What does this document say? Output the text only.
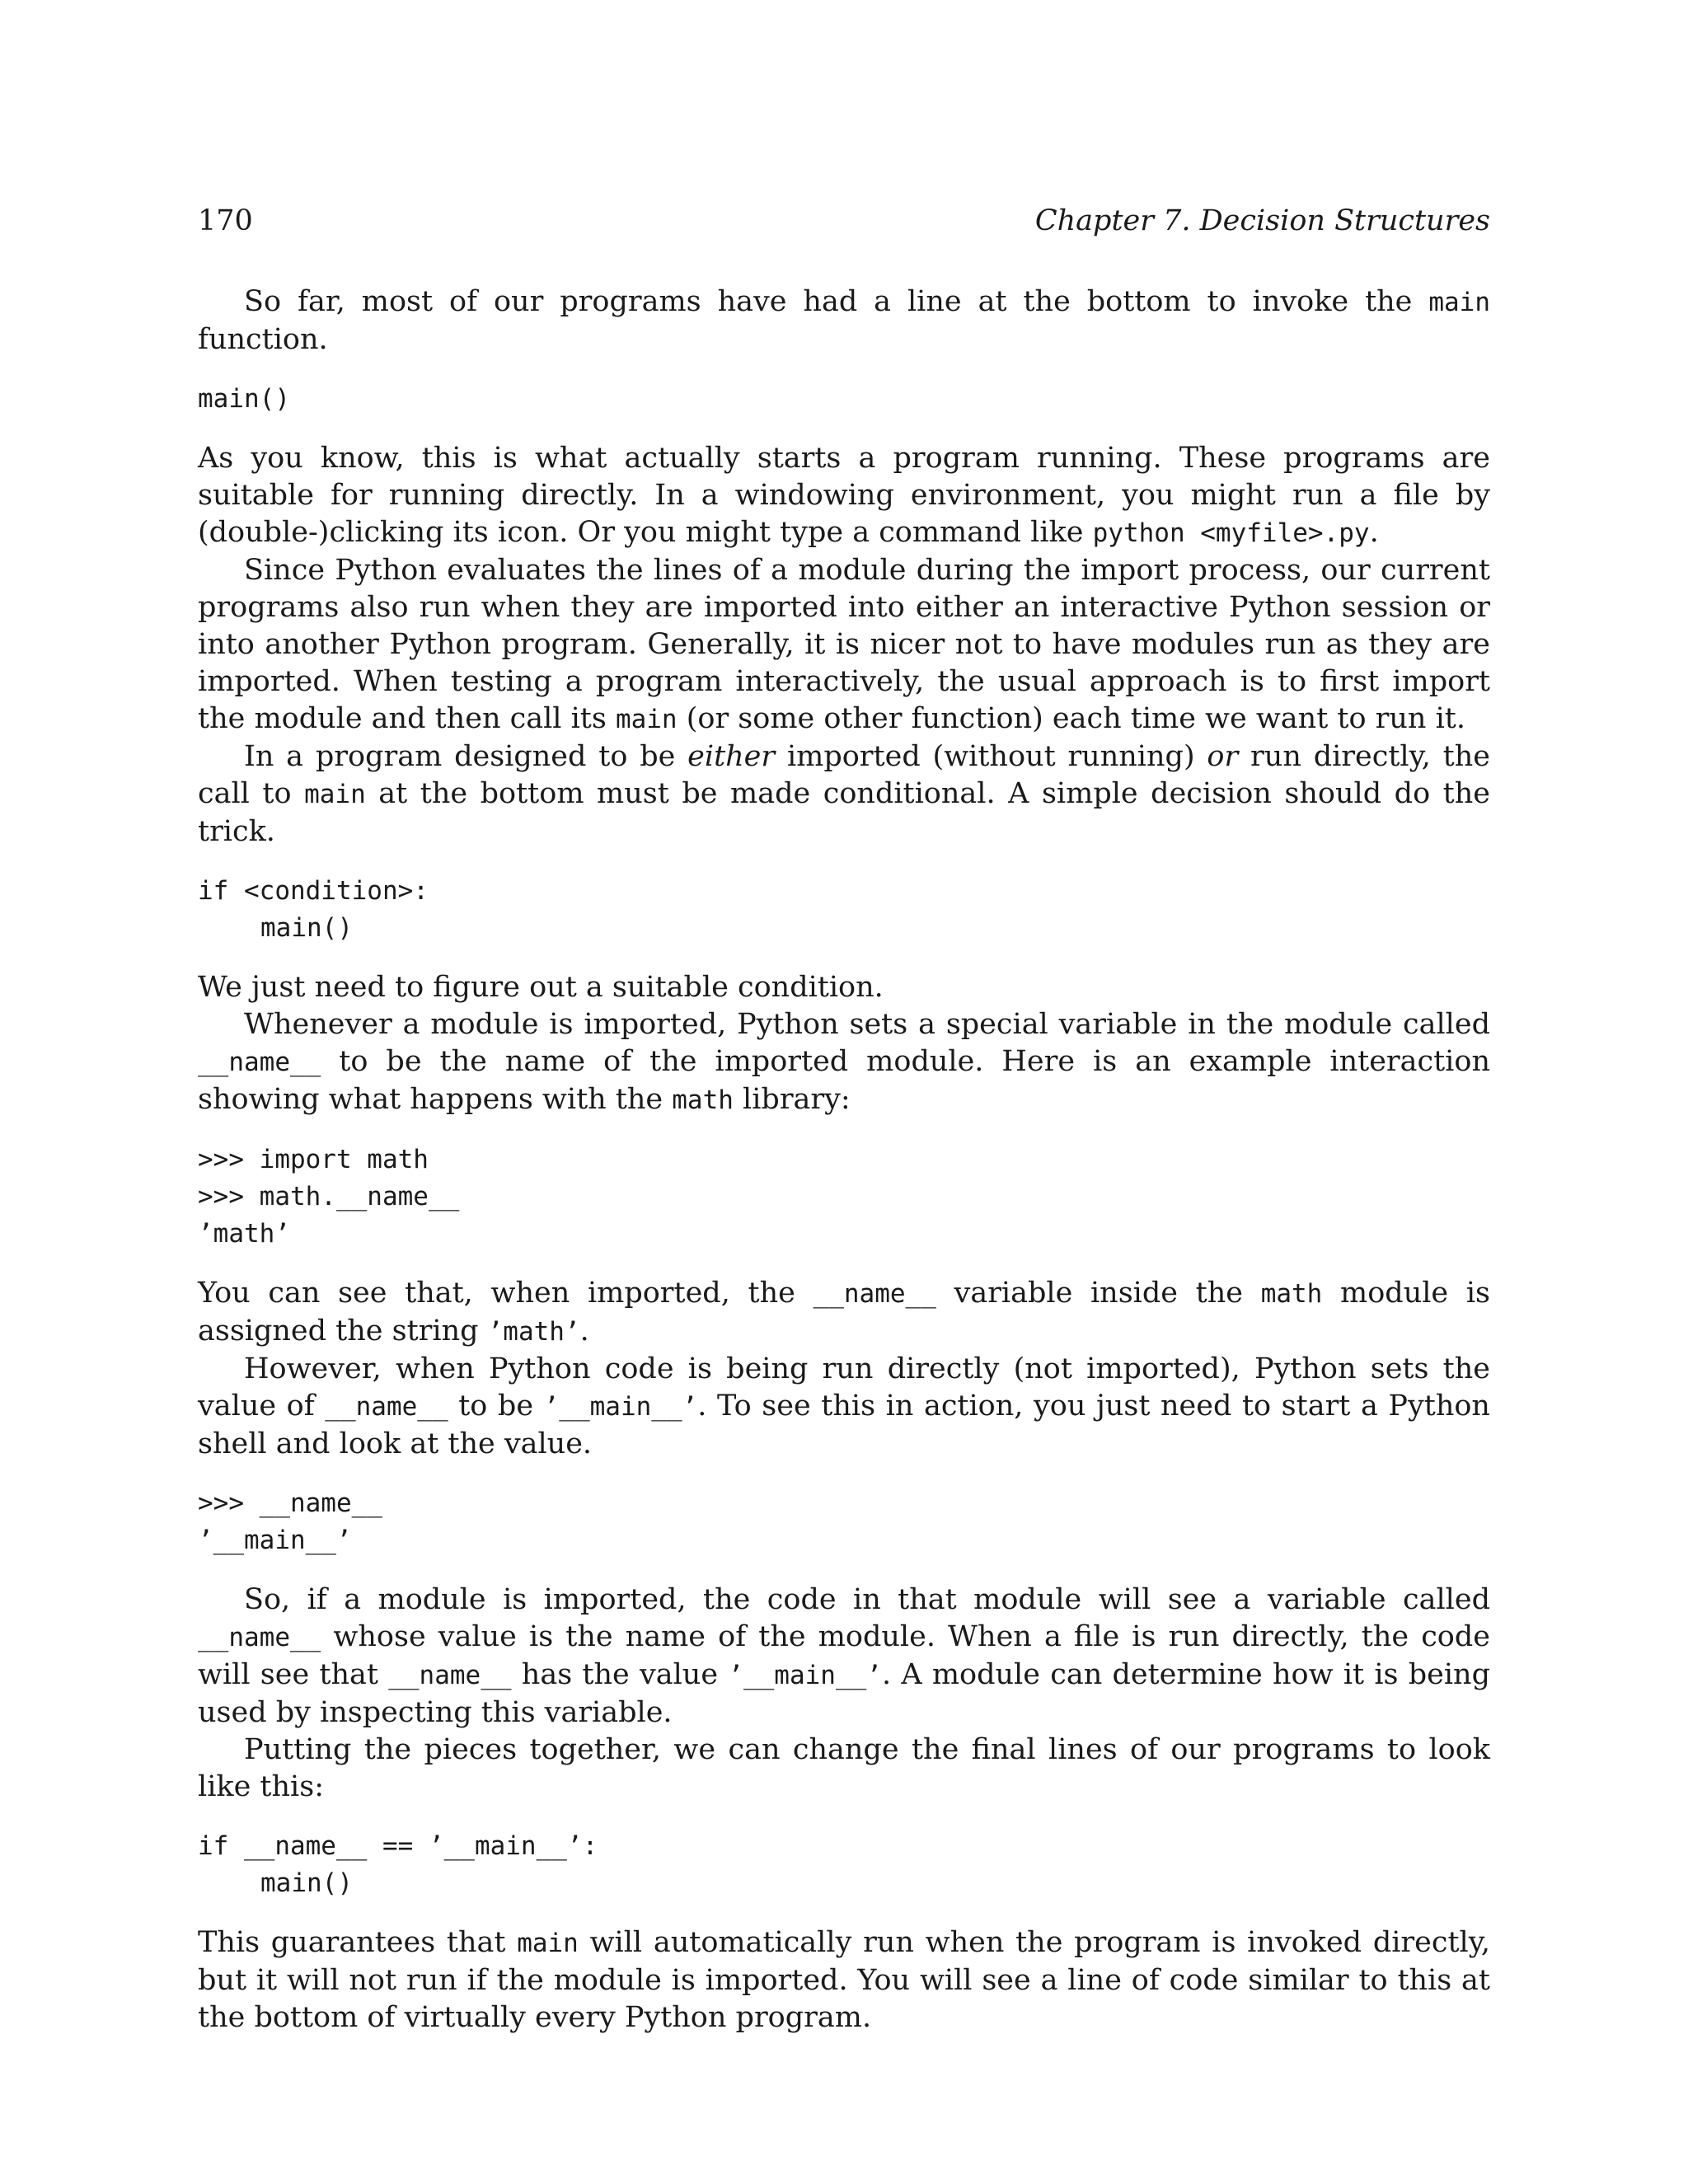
170	Chapter 7. Decision Structures

So far, most of our programs have had a line at the bottom to invoke the main function.

main()

As you know, this is what actually starts a program running. These programs are suitable for running directly. In a windowing environment, you might run a file by (double-)clicking its icon. Or you might type a command like python <myfile>.py.

Since Python evaluates the lines of a module during the import process, our current programs also run when they are imported into either an interactive Python session or into another Python program. Generally, it is nicer not to have modules run as they are imported. When testing a program interactively, the usual approach is to first import the module and then call its main (or some other function) each time we want to run it.

In a program designed to be either imported (without running) or run directly, the call to main at the bottom must be made conditional. A simple decision should do the trick.

if <condition>:
main()

We just need to figure out a suitable condition.

Whenever a module is imported, Python sets a special variable in the module called __name__ to be the name of the imported module. Here is an example interaction showing what happens with the math library:

>>> import math
>>> math.__name__
’math’

You can see that, when imported, the __name__ variable inside the math module is assigned the string ’math’.

However, when Python code is being run directly (not imported), Python sets the value of __name__ to be ’__main__’. To see this in action, you just need to start a Python shell and look at the value.

>>> __name__
’__main__’

So, if a module is imported, the code in that module will see a variable called __name__ whose value is the name of the module. When a file is run directly, the code will see that __name__ has the value ’__main__’. A module can determine how it is being used by inspecting this variable.

Putting the pieces together, we can change the final lines of our programs to look like this:

if __name__ == ’__main__’:
main()

This guarantees that main will automatically run when the program is invoked directly, but it will not run if the module is imported. You will see a line of code similar to this at the bottom of virtually every Python program.
